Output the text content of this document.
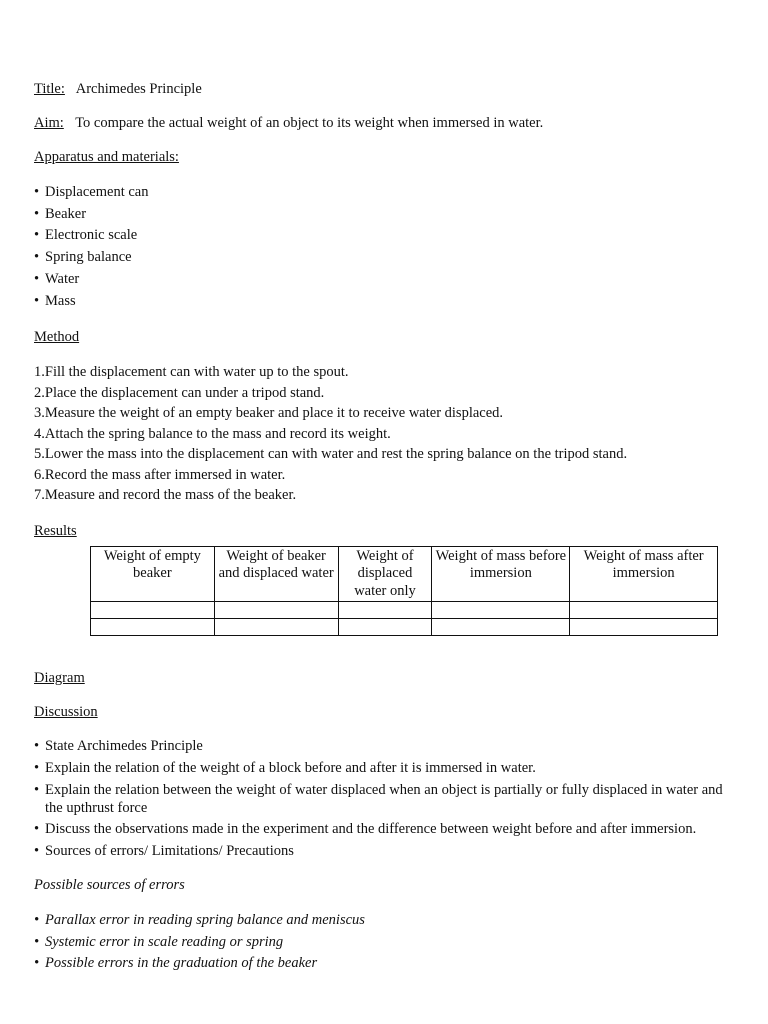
Title: Archimedes Principle

Aim: To compare the actual weight of an object to its weight when immersed in water.

Apparatus and materials:

• Displacement can
• Beaker
• Electronic scale
• Spring balance
• Water
• Mass

Method

1.Fill the displacement can with water up to the spout.
2.Place the displacement can under a tripod stand.
3.Measure the weight of an empty beaker and place it to receive water displaced.
4.Attach the spring balance to the mass and record its weight.
5.Lower the mass into the displacement can with water and rest the spring balance on the tripod stand.
6.Record the mass after immersed in water.
7.Measure and record the mass of the beaker.

Results

Weight of empty beaker	Weight of beaker and displaced water	Weight of displaced water only	Weight of mass before immersion	Weight of mass after immersion

Diagram

Discussion

• State Archimedes Principle
• Explain the relation of the weight of a block before and after it is immersed in water.
• Explain the relation between the weight of water displaced when an object is partially or fully displaced in water and the upthrust force
• Discuss the observations made in the experiment and the difference between weight before and after immersion.
• Sources of errors/ Limitations/ Precautions

Possible sources of errors

• Parallax error in reading spring balance and meniscus
• Systemic error in scale reading or spring
• Possible errors in the graduation of the beaker
